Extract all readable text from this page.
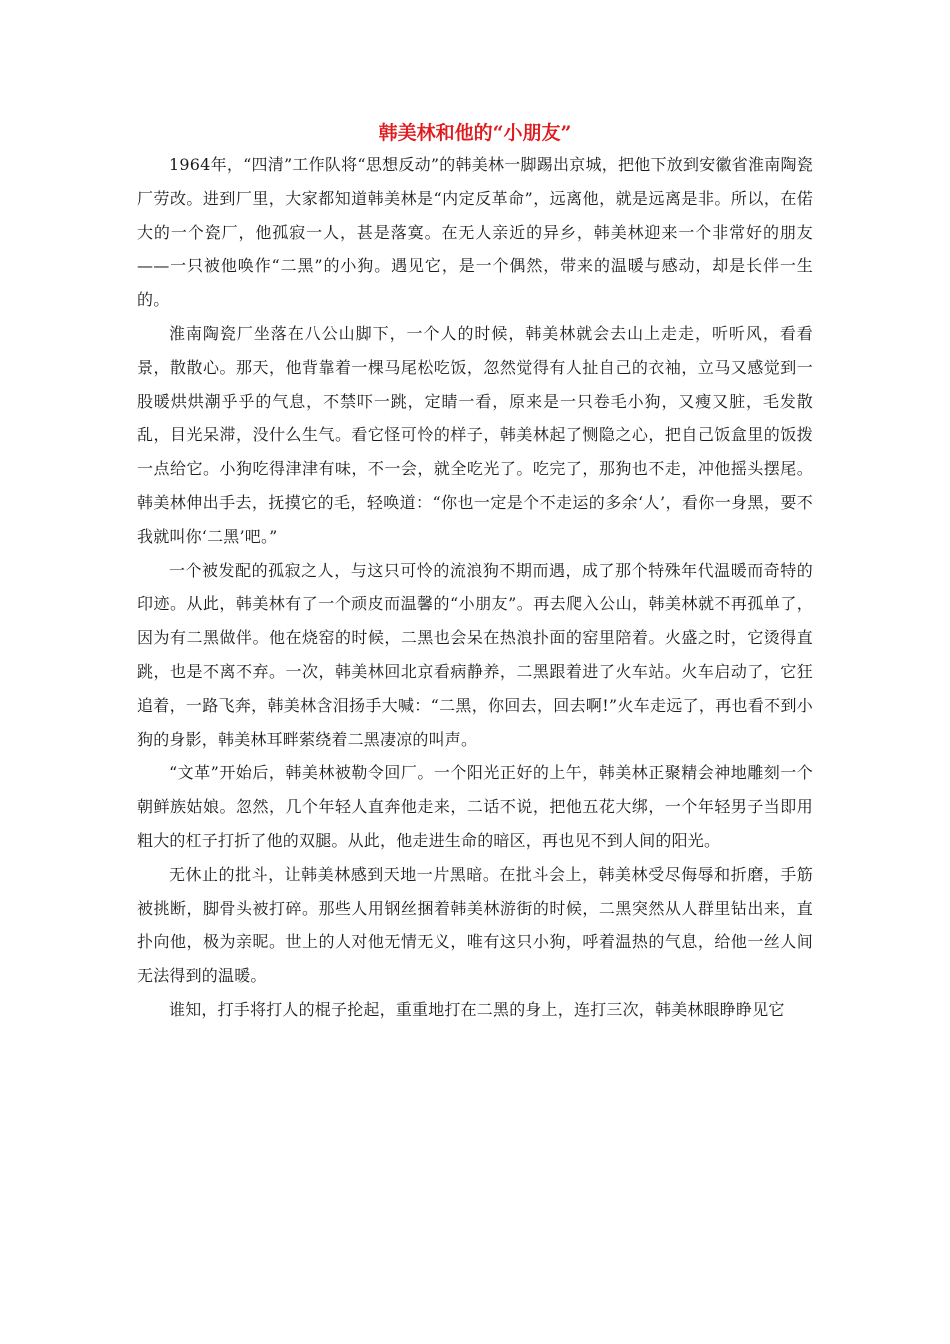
韩美林和他的“小朋友”

1964年，“四清”工作队将“思想反动”的韩美林一脚踢出京城，把他下放到安徽省淮南陶瓷厂劳改。进到厂里，大家都知道韩美林是“内定反革命”，远离他，就是远离是非。所以，在偌大的一个瓷厂，他孤寂一人，甚是落寞。在无人亲近的异乡，韩美林迎来一个非常好的朋友——一只被他唤作“二黑”的小狗。遇见它，是一个偶然，带来的温暖与感动，却是长伴一生的。

淮南陶瓷厂坐落在八公山脚下，一个人的时候，韩美林就会去山上走走，听听风，看看景，散散心。那天，他背靠着一棵马尾松吃饭，忽然觉得有人扯自己的衣袖，立马又感觉到一股暖烘烘潮乎乎的气息，不禁吓一跳，定睛一看，原来是一只卷毛小狗，又瘦又脏，毛发散乱，目光呆滞，没什么生气。看它怪可怜的样子，韩美林起了恻隐之心，把自己饭盒里的饭拨一点给它。小狗吃得津津有味，不一会，就全吃光了。吃完了，那狗也不走，冲他摇头摆尾。韩美林伸出手去，抚摸它的毛，轻唤道：“你也一定是个不走运的多余‘人’，看你一身黑，要不我就叫你‘二黑’吧。”

一个被发配的孤寂之人，与这只可怜的流浪狗不期而遇，成了那个特殊年代温暖而奇特的印迹。从此，韩美林有了一个顽皮而温馨的“小朋友”。再去爬入公山，韩美林就不再孤单了，因为有二黑做伴。他在烧窑的时候，二黑也会呆在热浪扑面的窑里陪着。火盛之时，它烫得直跳，也是不离不弃。一次，韩美林回北京看病静养，二黑跟着进了火车站。火车启动了，它狂追着，一路飞奔，韩美林含泪扬手大喊：“二黑，你回去，回去啊!”火车走远了，再也看不到小狗的身影，韩美林耳畔萦绕着二黑凄凉的叫声。

“文革”开始后，韩美林被勒令回厂。一个阳光正好的上午，韩美林正聚精会神地雕刻一个朝鲜族姑娘。忽然，几个年轻人直奔他走来，二话不说，把他五花大绑，一个年轻男子当即用粗大的杠子打折了他的双腿。从此，他走进生命的暗区，再也见不到人间的阳光。

无休止的批斗，让韩美林感到天地一片黑暗。在批斗会上，韩美林受尽侮辱和折磨，手筋被挑断，脚骨头被打碎。那些人用钢丝捆着韩美林游街的时候，二黑突然从人群里钻出来，直扑向他，极为亲昵。世上的人对他无情无义，唯有这只小狗，呼着温热的气息，给他一丝人间无法得到的温暖。

谁知，打手将打人的棍子抡起，重重地打在二黑的身上，连打三次，韩美林眼睁睁见它
